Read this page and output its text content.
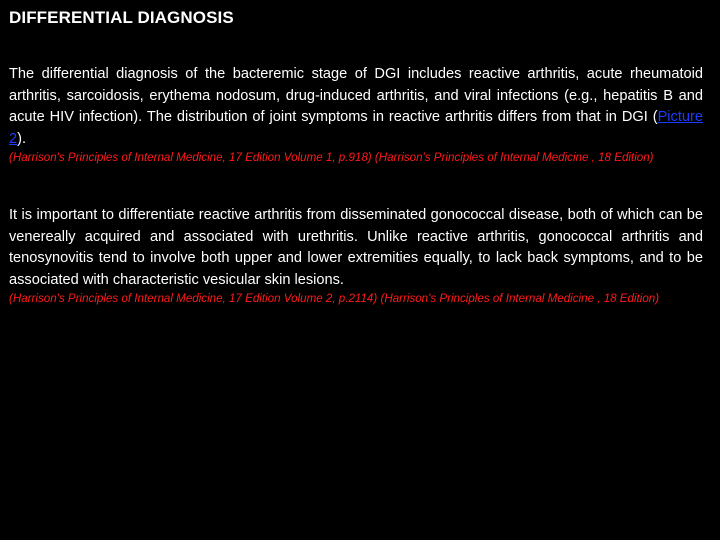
DIFFERENTIAL DIAGNOSIS

The differential diagnosis of the bacteremic stage of DGI includes reactive arthritis, acute rheumatoid arthritis, sarcoidosis, erythema nodosum, drug-induced arthritis, and viral infections (e.g., hepatitis B and acute HIV infection). The distribution of joint symptoms in reactive arthritis differs from that in DGI (Picture 2).

(Harrison's Principles of Internal Medicine, 17 Edition Volume 1, p.918) (Harrison's Principles of Internal Medicine , 18 Edition)

It is important to differentiate reactive arthritis from disseminated gonococcal disease, both of which can be venereally acquired and associated with urethritis. Unlike reactive arthritis, gonococcal arthritis and tenosynovitis tend to involve both upper and lower extremities equally, to lack back symptoms, and to be associated with characteristic vesicular skin lesions.

(Harrison's Principles of Internal Medicine, 17 Edition Volume 2, p.2114) (Harrison's Principles of Internal Medicine , 18 Edition)
